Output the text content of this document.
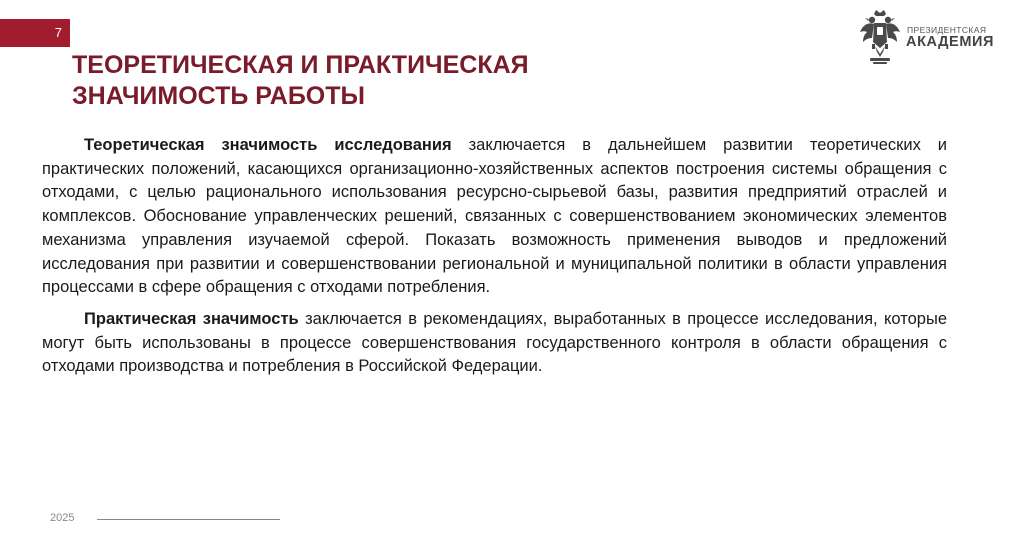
7	ПРЕЗИДЕНТСКАЯ
АКАДЕМИЯ
ТЕОРЕТИЧЕСКАЯ И ПРАКТИЧЕСКАЯ
ЗНАЧИМОСТЬ РАБОТЫ

Теоретическая значимость исследования заключается в дальнейшем развитии теоретических и практических положений, касающихся организационно-хозяйственных аспектов построения системы обращения с отходами, с целью рационального использования ресурсно-сырьевой базы, развития предприятий отраслей и комплексов. Обоснование управленческих решений, связанных с совершенствованием экономических элементов механизма управления изучаемой сферой. Показать возможность применения выводов и предложений исследования при развитии и совершенствовании региональной и муниципальной политики в области управления процессами в сфере обращения с отходами потребления.

Практическая значимость заключается в рекомендациях, выработанных в процессе исследования, которые могут быть использованы в процессе совершенствования государственного контроля в области обращения с отходами производства и потребления в Российской Федерации.

2025
